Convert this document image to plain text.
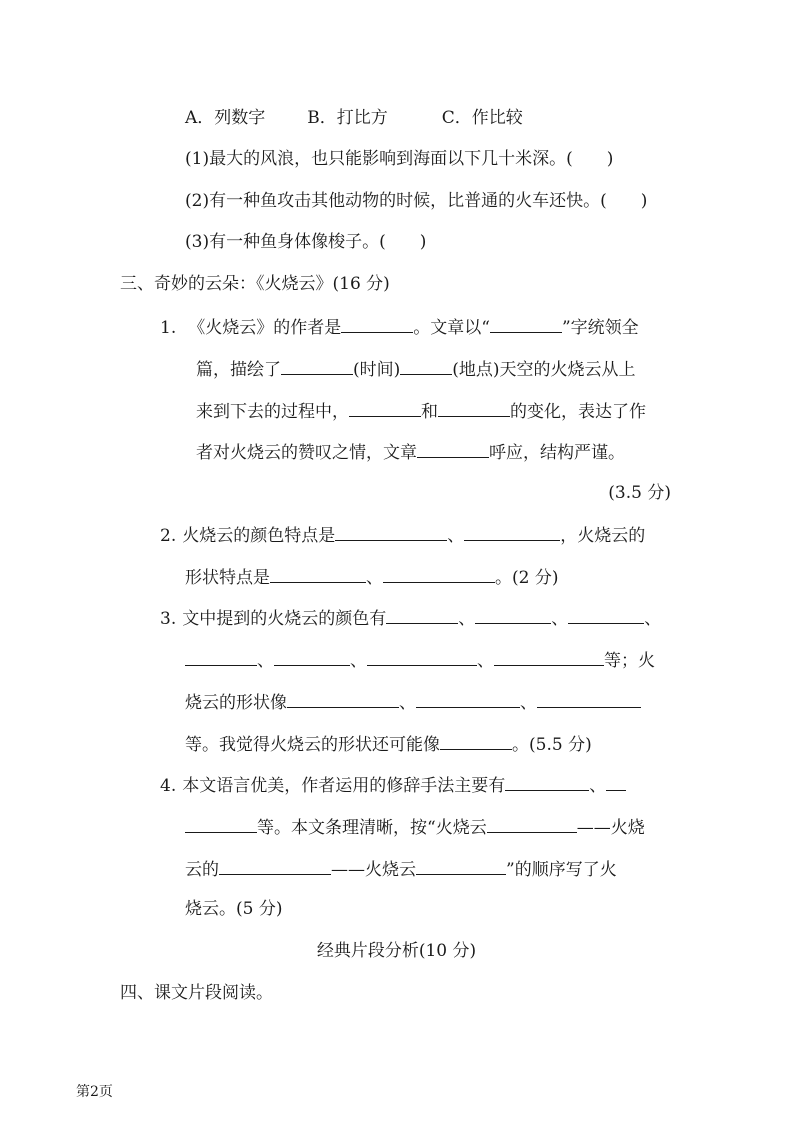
A．列数字 B．打比方	C．作比较
(1)最大的风浪，也只能影响到海面以下几十米深。( )
(2)有一种鱼攻击其他动物的时候，比普通的火车还快。( )
(3)有一种鱼身体像梭子。( )
三、奇妙的云朵：《火烧云》(16 分)
1. 《火烧云》的作者是	。文章以“	”字统领全
篇，描绘了	(时间)	(地点)天空的火烧云从上
来到下去的过程中，	和	的变化，表达了作
者对火烧云的赞叹之情，文章	呼应，结构严谨。
(3.5 分)
2. 火烧云的颜色特点是	、	，火烧云的
形状特点是	、	。(2 分)
3. 文中提到的火烧云的颜色有	、	、	、
、	、	、	等；火
烧云的形状像	、	、
等。我觉得火烧云的形状还可能像	。(5.5 分)
4. 本文语言优美，作者运用的修辞手法主要有	、
等。本文条理清晰，按“火烧云	——火烧
云的	——火烧云	”的顺序写了火
烧云。(5 分)
经典片段分析(10 分)
四、课文片段阅读。
第2页
